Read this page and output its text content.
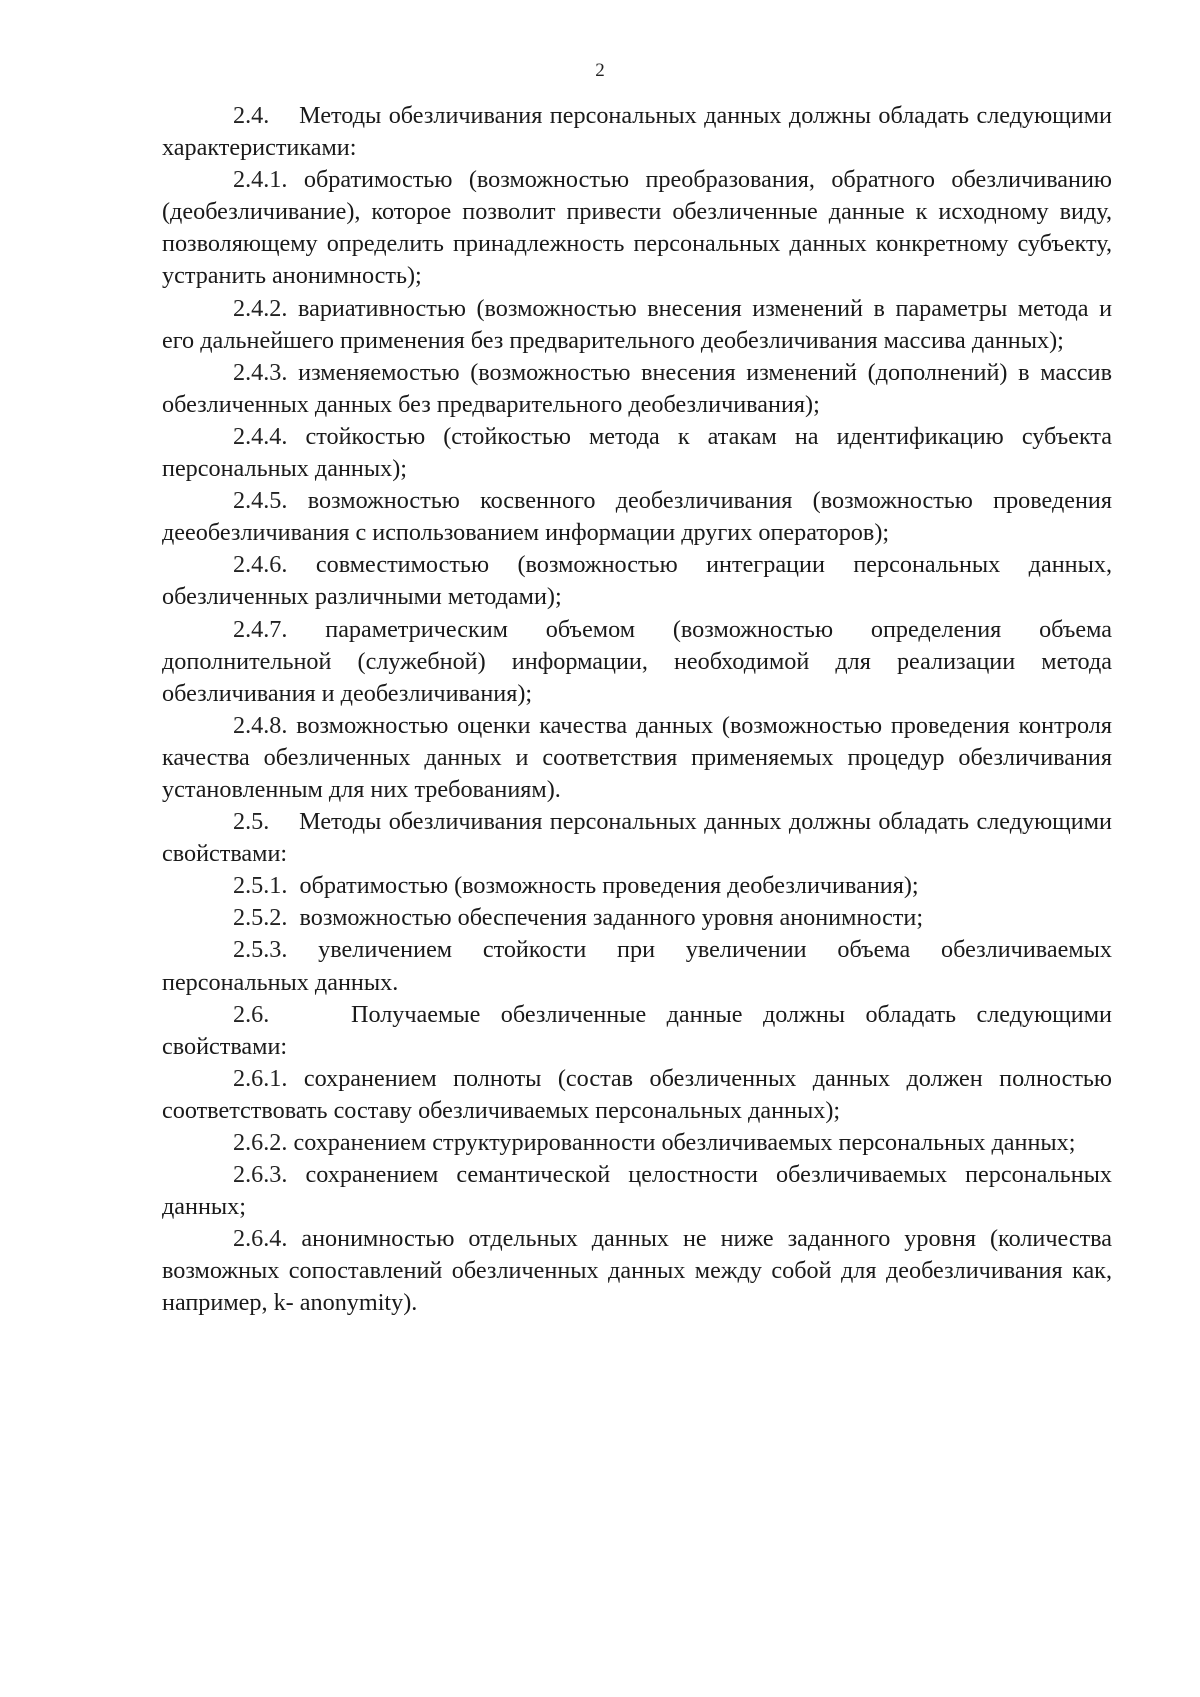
2

2.4. Методы обезличивания персональных данных должны обладать следующими характеристиками:

2.4.1. обратимостью (возможностью преобразования, обратного обезличиванию (деобезличивание), которое позволит привести обезличенные данные к исходному виду, позволяющему определить принадлежность персональных данных конкретному субъекту, устранить анонимность);

2.4.2. вариативностью (возможностью внесения изменений в параметры метода и его дальнейшего применения без предварительного деобезличивания массива данных);

2.4.3. изменяемостью (возможностью внесения изменений (дополнений) в массив обезличенных данных без предварительного деобезличивания);

2.4.4. стойкостью (стойкостью метода к атакам на идентификацию субъекта персональных данных);

2.4.5. возможностью косвенного деобезличивания (возможностью проведения деeобезличивания с использованием информации других операторов);

2.4.6. совместимостью (возможностью интеграции персональных данных, обезличенных различными методами);

2.4.7. параметрическим объемом (возможностью определения объема дополнительной (служебной) информации, необходимой для реализации метода обезличивания и деобезличивания);

2.4.8. возможностью оценки качества данных (возможностью проведения контроля качества обезличенных данных и соответствия применяемых процедур обезличивания установленным для них требованиям).

2.5. Методы обезличивания персональных данных должны обладать следующими свойствами:

2.5.1. обратимостью (возможность проведения деобезличивания);

2.5.2. возможностью обеспечения заданного уровня анонимности;

2.5.3. увеличением стойкости при увеличении объема обезличиваемых персональных данных.

2.6.	Получаемые обезличенные данные должны обладать следующими свойствами:

2.6.1. сохранением полноты (состав обезличенных данных должен полностью соответствовать составу обезличиваемых персональных данных);

2.6.2. сохранением структурированности обезличиваемых персональных данных;

2.6.3. сохранением семантической целостности обезличиваемых персональных данных;

2.6.4. анонимностью отдельных данных не ниже заданного уровня (количества возможных сопоставлений обезличенных данных между собой для деобезличивания как, например, k- anonymity).
